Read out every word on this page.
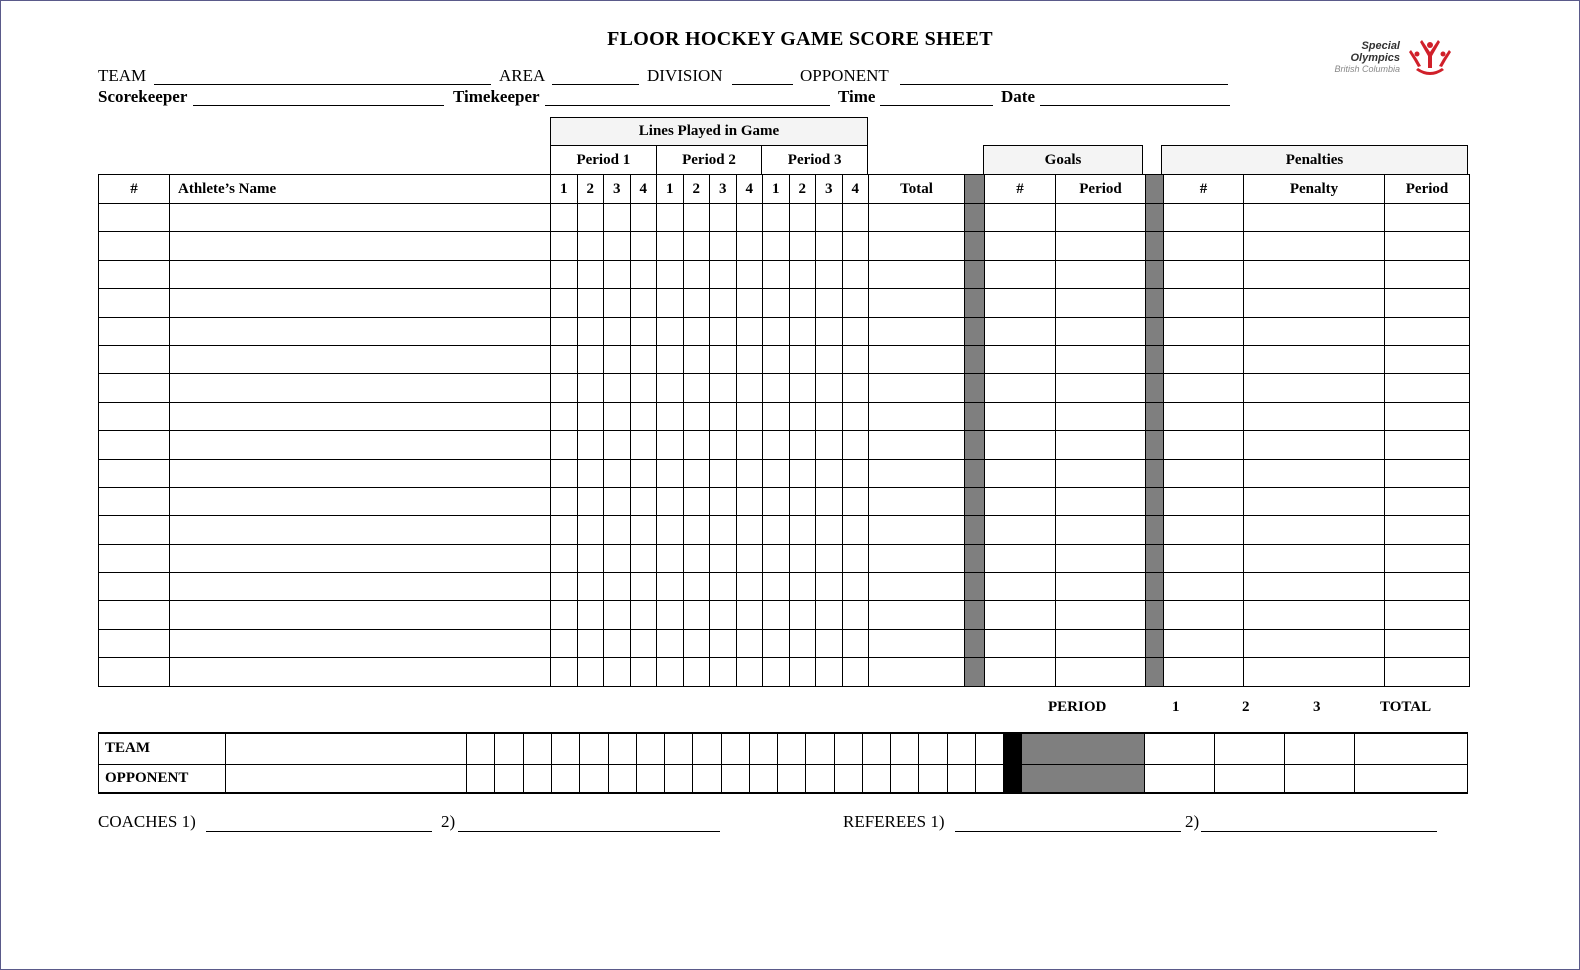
FLOOR HOCKEY GAME SCORE SHEET	Special
Olympics
British Columbia
TEAM	AREA	DIVISION	OPPONENT
Scorekeeper	Timekeeper	Time	Date
Lines Played in Game
Period 1	Period 2	Period 3	Goals	Penalties
#	Athlete’s Name	1	2	3	4	1	2	3	4	1	2	3	4	Total		#	Period		#	Penalty	Period

PERIOD	1	2	3	TOTAL
TEAM																										
OPPONENT																										
COACHES 1)	2)	REFEREES 1)	2)
